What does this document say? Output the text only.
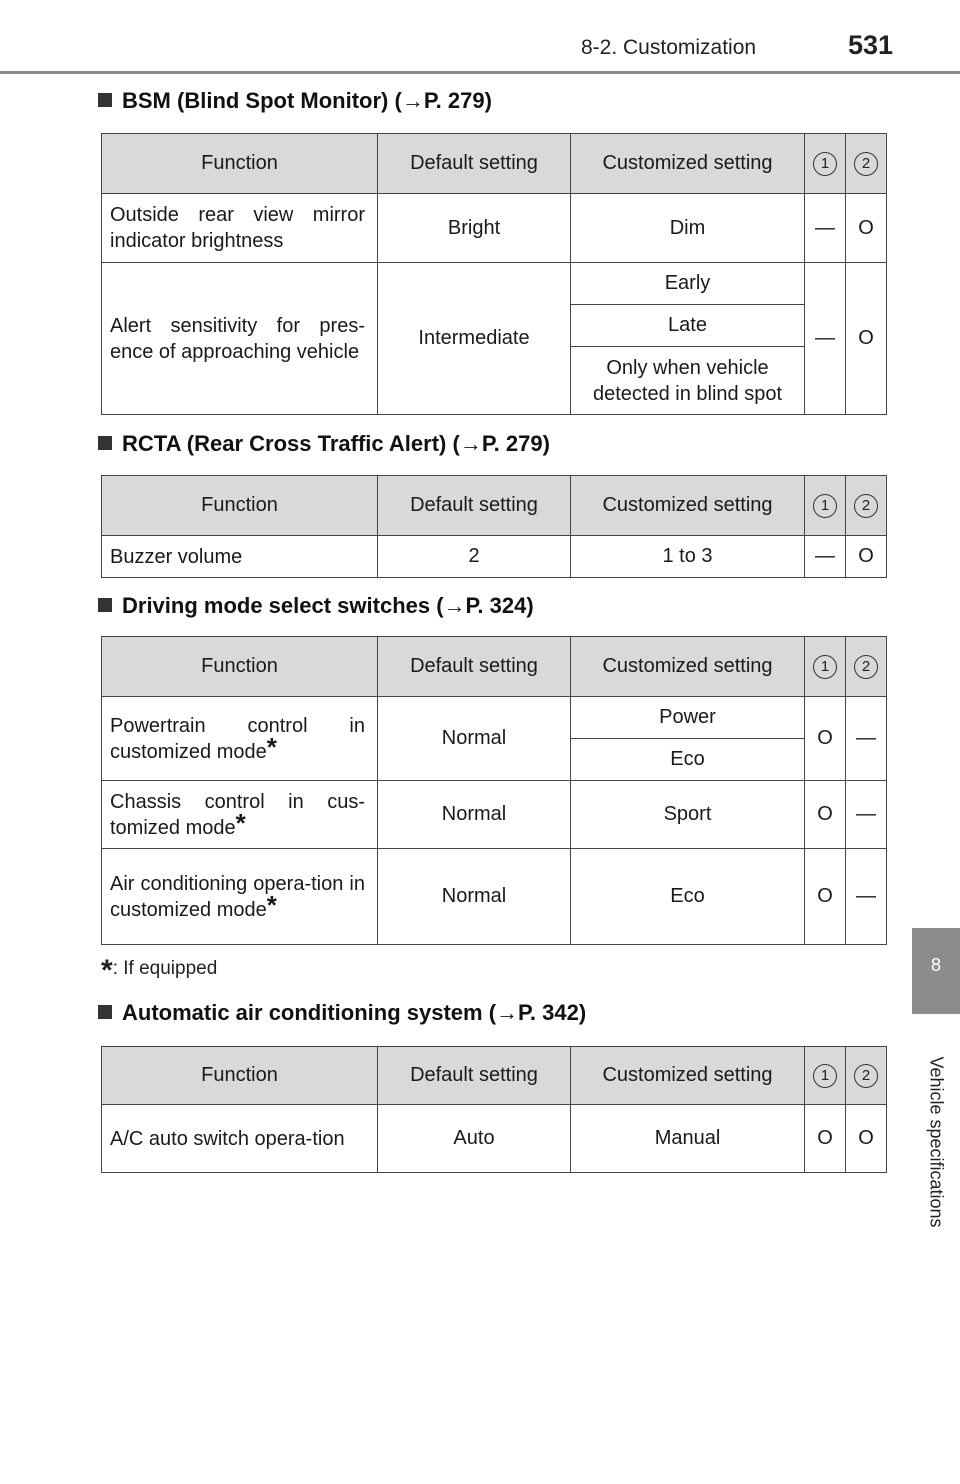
8-2. Customization	531
8
Vehicle specifications
BSM (Blind Spot Monitor) (→P. 279)
Function	Default setting	Customized setting	1	2
Outside rear view mirror indicator brightness	Bright	Dim	—	O
Alert sensitivity for pres-ence of approaching vehicle	Intermediate	Early	—	O
		Late		
		Only when vehicle detected in blind spot		
RCTA (Rear Cross Traffic Alert) (→P. 279)
Function	Default setting	Customized setting	1	2
Buzzer volume	2	1 to 3	—	O
Driving mode select switches (→P. 324)
Function	Default setting	Customized setting	1	2
Powertrain control in customized mode*	Normal	Power	O	—
		Eco		
Chassis control in cus-tomized mode*	Normal	Sport	O	—
Air conditioning opera-tion in customized mode*	Normal	Eco	O	—
*: If equipped
Automatic air conditioning system (→P. 342)
Function	Default setting	Customized setting	1	2
A/C auto switch opera-tion	Auto	Manual	O	O
